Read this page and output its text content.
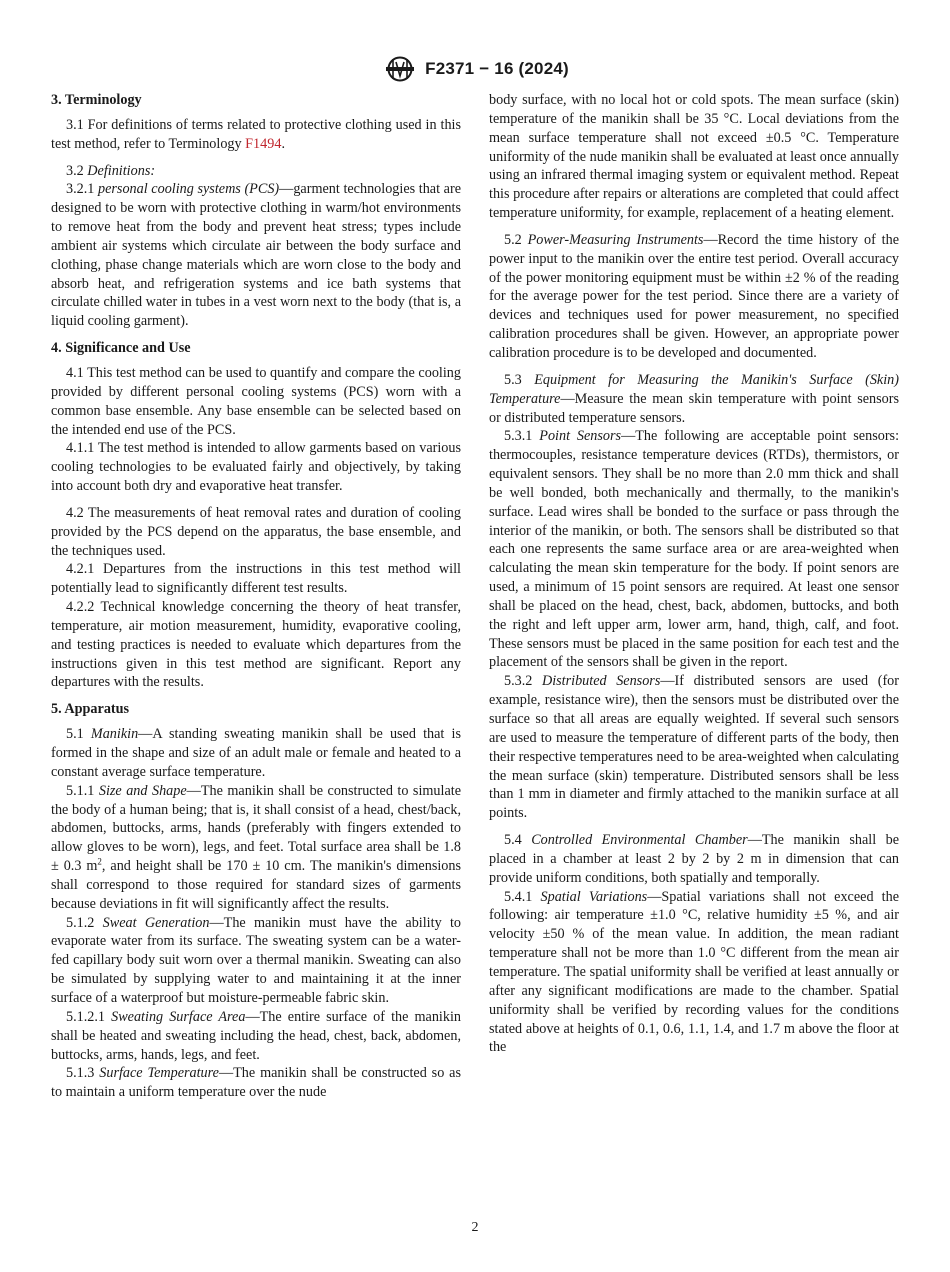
F2371 − 16 (2024)
3. Terminology

3.1 For definitions of terms related to protective clothing used in this test method, refer to Terminology F1494.

3.2 Definitions:

3.2.1 personal cooling systems (PCS)—garment technologies that are designed to be worn with protective clothing in warm/hot environments to remove heat from the body and prevent heat stress; types include ambient air systems which circulate air between the body surface and clothing, phase change materials which are worn close to the body and absorb heat, and refrigeration systems and ice bath systems that circulate chilled water in tubes in a vest worn next to the body (that is, a liquid cooling garment).

4. Significance and Use

4.1 This test method can be used to quantify and compare the cooling provided by different personal cooling systems (PCS) worn with a common base ensemble. Any base ensemble can be selected based on the intended end use of the PCS.

4.1.1 The test method is intended to allow garments based on various cooling technologies to be evaluated fairly and objectively, by taking into account both dry and evaporative heat transfer.

4.2 The measurements of heat removal rates and duration of cooling provided by the PCS depend on the apparatus, the base ensemble, and the techniques used.

4.2.1 Departures from the instructions in this test method will potentially lead to significantly different test results.

4.2.2 Technical knowledge concerning the theory of heat transfer, temperature, air motion measurement, humidity, evaporative cooling, and testing practices is needed to evaluate which departures from the instructions given in this test method are significant. Report any departures with the results.

5. Apparatus

5.1 Manikin—A standing sweating manikin shall be used that is formed in the shape and size of an adult male or female and heated to a constant average surface temperature.

5.1.1 Size and Shape—The manikin shall be constructed to simulate the body of a human being; that is, it shall consist of a head, chest/back, abdomen, buttocks, arms, hands (preferably with fingers extended to allow gloves to be worn), legs, and feet. Total surface area shall be 1.8 ± 0.3 $m^2$, and height shall be 170 ± 10 cm. The manikin's dimensions shall correspond to those required for standard sizes of garments because deviations in fit will significantly affect the results.

5.1.2 Sweat Generation—The manikin must have the ability to evaporate water from its surface. The sweating system can be a water-fed capillary body suit worn over a thermal manikin. Sweating can also be simulated by supplying water to and maintaining it at the inner surface of a waterproof but moisture-permeable fabric skin.

5.1.2.1 Sweating Surface Area—The entire surface of the manikin shall be heated and sweating including the head, chest, back, abdomen, buttocks, arms, hands, legs, and feet.

5.1.3 Surface Temperature—The manikin shall be constructed so as to maintain a uniform temperature over the nude

body surface, with no local hot or cold spots. The mean surface (skin) temperature of the manikin shall be 35 °C. Local deviations from the mean surface temperature shall not exceed ±0.5 °C. Temperature uniformity of the nude manikin shall be evaluated at least once annually using an infrared thermal imaging system or equivalent method. Repeat this procedure after repairs or alterations are completed that could affect temperature uniformity, for example, replacement of a heating element.

5.2 Power-Measuring Instruments—Record the time history of the power input to the manikin over the entire test period. Overall accuracy of the power monitoring equipment must be within ±2 % of the reading for the average power for the test period. Since there are a variety of devices and techniques used for power measurement, no specified calibration procedures shall be given. However, an appropriate power calibration procedure is to be developed and documented.

5.3 Equipment for Measuring the Manikin's Surface (Skin) Temperature—Measure the mean skin temperature with point sensors or distributed temperature sensors.

5.3.1 Point Sensors—The following are acceptable point sensors: thermocouples, resistance temperature devices (RTDs), thermistors, or equivalent sensors. They shall be no more than 2.0 mm thick and shall be well bonded, both mechanically and thermally, to the manikin's surface. Lead wires shall be bonded to the surface or pass through the interior of the manikin, or both. The sensors shall be distributed so that each one represents the same surface area or are area-weighted when calculating the mean skin temperature for the body. If point senors are used, a minimum of 15 point sensors are required. At least one sensor shall be placed on the head, chest, back, abdomen, buttocks, and both the right and left upper arm, lower arm, hand, thigh, calf, and foot. These sensors must be placed in the same position for each test and the placement of the sensors shall be given in the report.

5.3.2 Distributed Sensors—If distributed sensors are used (for example, resistance wire), then the sensors must be distributed over the surface so that all areas are equally weighted. If several such sensors are used to measure the temperature of different parts of the body, then their respective temperatures need to be area-weighted when calculating the mean surface (skin) temperature. Distributed sensors shall be less than 1 mm in diameter and firmly attached to the manikin surface at all points.

5.4 Controlled Environmental Chamber—The manikin shall be placed in a chamber at least 2 by 2 by 2 m in dimension that can provide uniform conditions, both spatially and temporally.

5.4.1 Spatial Variations—Spatial variations shall not exceed the following: air temperature ±1.0 °C, relative humidity ±5 %, and air velocity ±50 % of the mean value. In addition, the mean radiant temperature shall not be more than 1.0 °C different from the mean air temperature. The spatial uniformity shall be verified at least annually or after any significant modifications are made to the chamber. Spatial uniformity shall be verified by recording values for the conditions stated above at heights of 0.1, 0.6, 1.1, 1.4, and 1.7 m above the floor at the

2
